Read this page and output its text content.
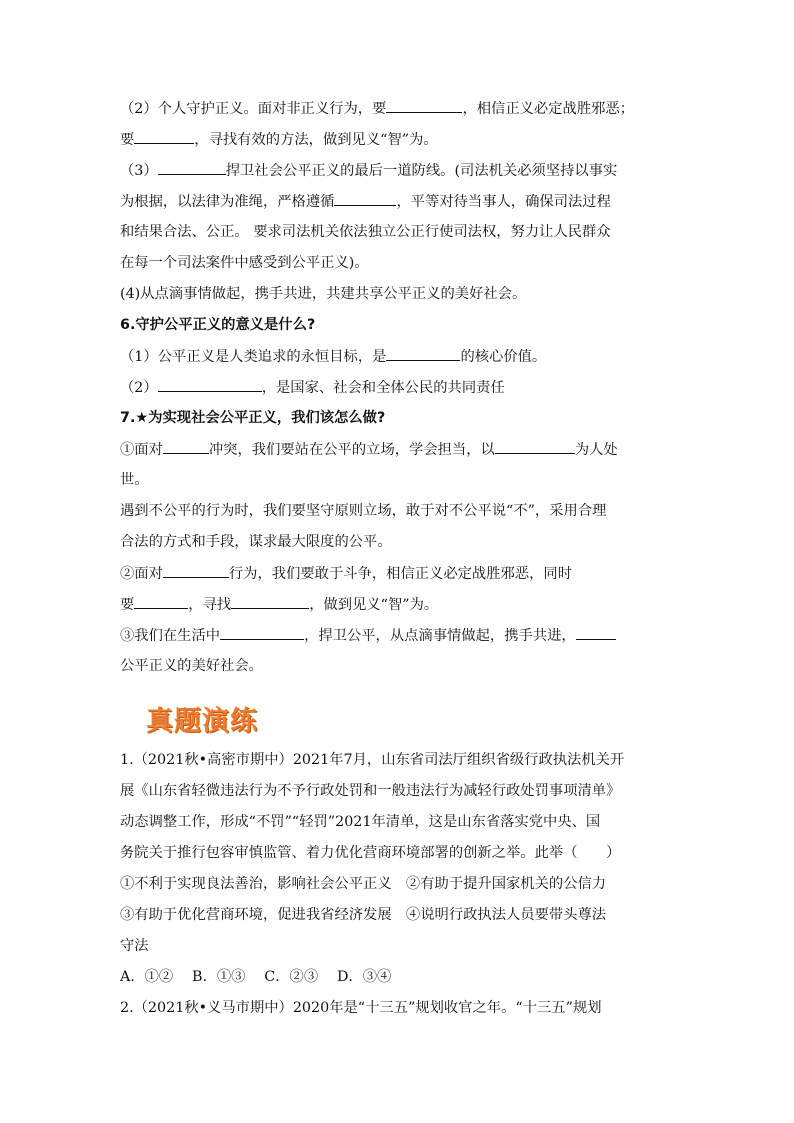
（2）个人守护正义。面对非正义行为，要	，相信正义必定战胜邪恶；
要	，寻找有效的方法，做到见义“智”为。
（3）	捍卫社会公平正义的最后一道防线。(司法机关必须坚持以事实
为根据，以法律为准绳，严格遵循	，平等对待当事人，确保司法过程
和结果合法、公正。 要求司法机关依法独立公正行使司法权，努力让人民群众
在每一个司法案件中感受到公平正义)。
(4)从点滴事情做起，携手共进，共建共享公平正义的美好社会。
6.守护公平正义的意义是什么?
（1）公平正义是人类追求的永恒目标，是	的核心价值。
（2）	，是国家、社会和全体公民的共同责任
7.★为实现社会公平正义，我们该怎么做?
①面对	冲突，我们要站在公平的立场，学会担当，以	为人处
世。
遇到不公平的行为时，我们要坚守原则立场，敢于对不公平说“不”，采用合理
合法的方式和手段，谋求最大限度的公平。
②面对	行为，我们要敢于斗争，相信正义必定战胜邪恶，同时
要	，寻找	，做到见义“智”为。
③我们在生活中	，捍卫公平，从点滴事情做起，携手共进，
公平正义的美好社会。
真题演练
1.（2021秋•高密市期中）2021年7月，山东省司法厅组织省级行政执法机关开
展《山东省轻微违法行为不予行政处罚和一般违法行为减轻行政处罚事项清单》
动态调整工作，形成“不罚”“轻罚”2021年清单，这是山东省落实党中央、国
务院关于推行包容审慎监管、着力优化营商环境部署的创新之举。此举（　　）
①不利于实现良法善治，影响社会公平正义　②有助于提升国家机关的公信力
③有助于优化营商环境，促进我省经济发展　④说明行政执法人员要带头尊法
守法
A．①②　 B．①③　 C．②③　 D．③④
2.（2021秋•义马市期中）2020年是“十三五”规划收官之年。“十三五”规划
